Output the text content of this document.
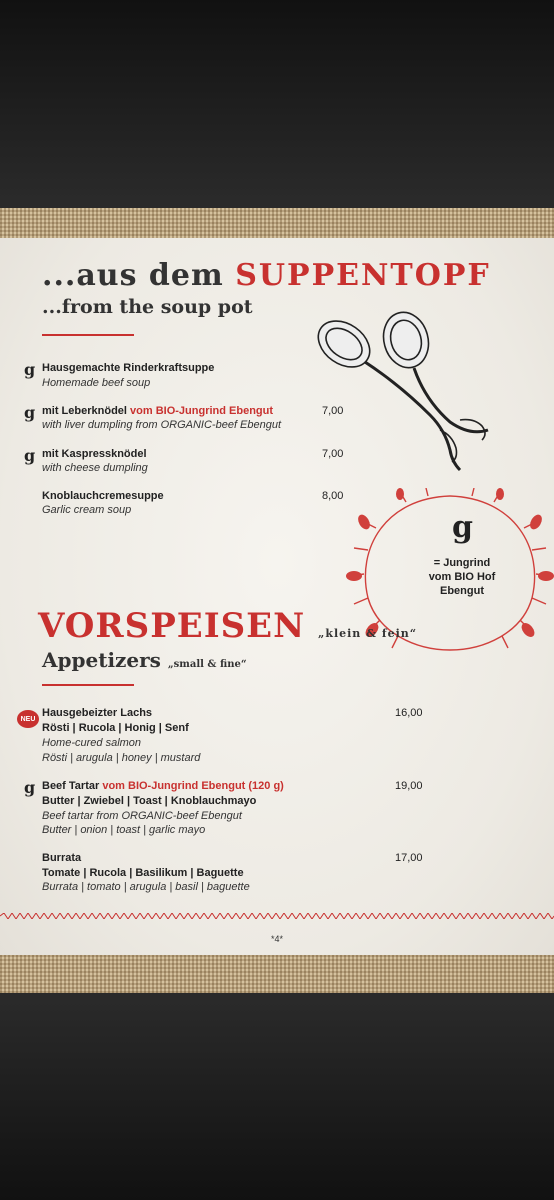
...aus dem SUPPENTOPF
...from the soup pot
g Hausgemachte Rinderkraftsuppe
Homemade beef soup
g mit Leberknödel vom BIO-Jungrind Ebengut
with liver dumpling from ORGANIC-beef Ebengut
7,00
g mit Kaspressknödel
with cheese dumpling
7,00
Knoblauchcremesuppe
Garlic cream soup
8,00
g
= Jungrind
vom BIO Hof
Ebengut
VORSPEISEN „klein & fein“
Appetizers „small & fine“
NEU Hausgebeizter Lachs
Rösti | Rucola | Honig | Senf
Home-cured salmon
Rösti | arugula | honey | mustard
16,00
g Beef Tartar vom BIO-Jungrind Ebengut (120 g)
Butter | Zwiebel | Toast | Knoblauchmayo
Beef tartar from ORGANIC-beef Ebengut
Butter | onion | toast | garlic mayo
19,00
Burrata
Tomate | Rucola | Basilikum | Baguette
Burrata | tomato | arugula | basil | baguette
17,00
*4*
